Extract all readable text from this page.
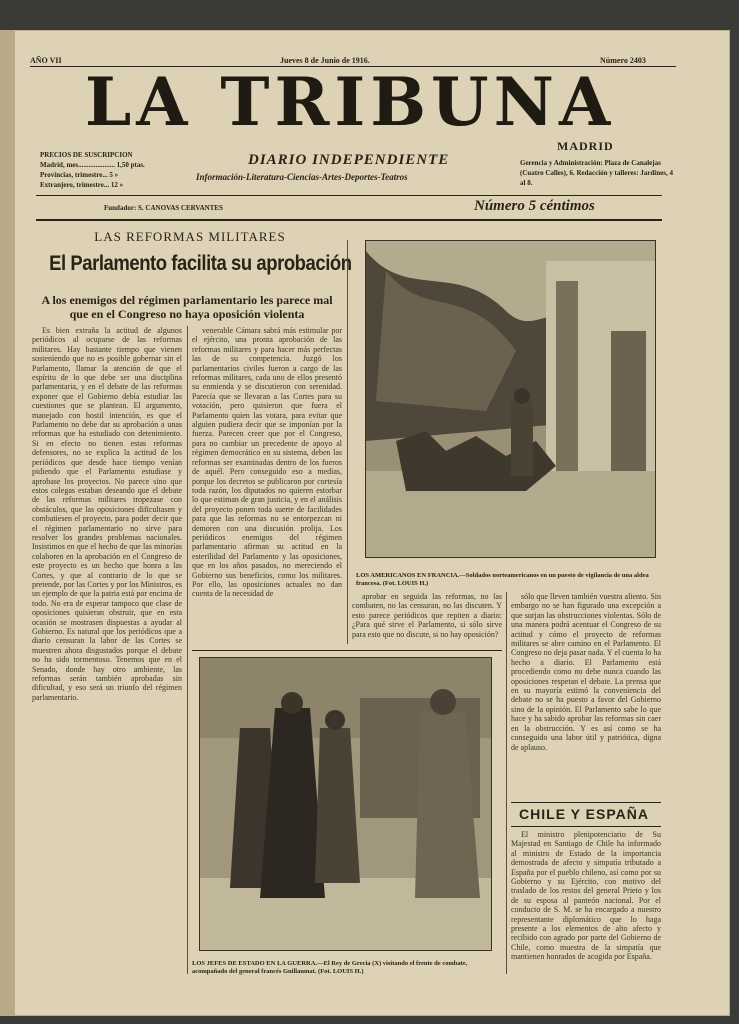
AÑO VII	Jueves 8 de Junio de 1916.	Número 2403
LA TRIBUNA
MADRID
DIARIO INDEPENDIENTE
Información-Literatura-Ciencias-Artes-Deportes-Teatros
PRECIOS DE SUSCRIPCION
Madrid, mes..................... 1,50 ptas.
Provincias, trimestre... 5 »
Extranjero, trimestre... 12 »
Gerencia y Administración: Plaza de Canalejas (Cuatro Calles), 6. Redacción y talleres: Jardines, 4 al 8.
Fundador: S. CANOVAS CERVANTES	Número 5 céntimos
LAS REFORMAS MILITARES
El Parlamento facilita su aprobación
A los enemigos del régimen parlamentario les parece mal que en el Congreso no haya oposición violenta

Es bien extraña la actitud de algunos periódicos al ocuparse de las reformas militares. Hay bastante tiempo que vienen sosteniendo que no es posible gobernar sin el Parlamento, llamar la atención de que el espíritu de lo que debe ser una disciplina parlamentaria, y en el debate de las reformas exponer que el Gobierno debía estudiar las cuestiones que se plantean. El argumento, manejado con hostil intención, es que el Parlamento no debe dar su aprobación a unas reformas que ha estudiado con detenimiento. Si en efecto no tienen estas reformas defensores, no se explica la actitud de los periódicos que desde hace tiempo venían pidiendo que el Parlamento estudiase y aprobase los proyectos. No parece sino que estos colegas estaban deseando que el debate de las reformas militares tropezase con obstáculos, que las oposiciones dificultasen y combatiesen el proyecto, para poder decir que el régimen parlamentario no sirve para resolver los grandes problemas nacionales. Insistimos en que el hecho de que las minorías colaboren en la aprobación en el Congreso de este proyecto es un hecho que honra a las Cortes, y que al contrario de lo que se pretende, por las Cortes y por los Ministros, es un ejemplo de que la patria está por encima de todo. No era de esperar tampoco que clase de oposiciones quisieran obstruir, que en esta ocasión se mostrasen dispuestas a ayudar al Gobierno. Es natural que los periódicos que a diario censuran la labor de las Cortes se muestren ahora disgustados porque el debate no ha sido tormentoso. Tenemos que en el Senado, donde hay otro ambiente, las reformas serán también aprobadas sin dificultad, y eso será un triunfo del régimen parlamentario.

venerable Cámara sabrá más estimular por el ejército, una pronta aprobación de las reformas militares y para hacer más perfectas las de su competencia. Juzgó los parlamentarios civiles fueron a cargo de las reformas militares, cada uno de ellos presentó su enmienda y se discutieron con serenidad. Parecía que se llevaran a las Cortes para su votación, pero quisieron que fuera el Parlamento quien las votara, para evitar que alguien pudiera decir que se imponían por la fuerza. Parecen creer que por el Congreso, para no cambiar un precedente de apoyo al régimen democrático en su sistema, deben las reformas ser examinadas dentro de los fueros de aquél. Pero conseguido eso a medias, porque los decretos se publicaron por cortesía toda razón, los diputados no quieren estorbar lo que estiman de gran justicia, y en el análisis del proyecto ponen toda suerte de facilidades para que las reformas no se entorpezcan ni demoren con una discusión prolija. Los periódicos enemigos del régimen parlamentario afirman su actitud en la esterilidad del Parlamento y las oposiciones, que en los años pasados, no mereciendo el Gobierno sus beneficios, como los militares. Por ello, las oposiciones actuales no dan cuenta de la necesidad de

LOS AMERICANOS EN FRANCIA.—Soldados norteamericanos en un puesto de vigilancia de una aldea francesa. (Fot. LOUIS H.)

aprobar en seguida las reformas, no las combaten, no las censuran, no las discuten. Y esto parece periódicos que repiten a diario: ¿Para qué sirve el Parlamento, si sólo sirve para esto que no discute, si no hay oposición?

sólo que lleven también vuestra aliento. Sin embargo no se han figurado una excepción a que surjan las obstrucciones violentas. Sólo de una manera podrá acentuar el Congreso de su actitud y cómo el proyecto de reformas militares se abre camino en el Parlamento. El Congreso no deja pasar nada. Y el cuenta lo ha hecho a diario. El Parlamento está procediendo como no debe nunca cuando las oposiciones respetan el debate. La prensa que en su mayoría estimó la conveniencia del debate no se ha puesto a favor del Gobierno sino de la opinión. El Parlamento sabe lo que hace y ha sabido aprobar las reformas sin caer en la obstrucción. Y es así como se ha conseguido una labor útil y patriótica, digna de aplauso.

LOS JEFES DE ESTADO EN LA GUERRA.—El Rey de Grecia (X) visitando el frente de combate, acompañado del general francés Guillaumat. (Fot. LOUIS H.)
CHILE Y ESPAÑA

El ministro plenipotenciario de Su Majestad en Santiago de Chile ha informado al ministro de Estado de la importancia demostrada de afecto y simpatía tributado a España por el pueblo chileno, así como por su Gobierno y su Ejército, con motivo del traslado de los restos del general Prieto y los de su esposa al panteón nacional. Por el conducto de S. M. se ha encargado a nuestro representante diplomático que lo haga presente a los elementos de alto afecto y recibido con agrado por parte del Gobierno de Chile, como muestra de la simpatía que mantienen honrados de acogida por España.
